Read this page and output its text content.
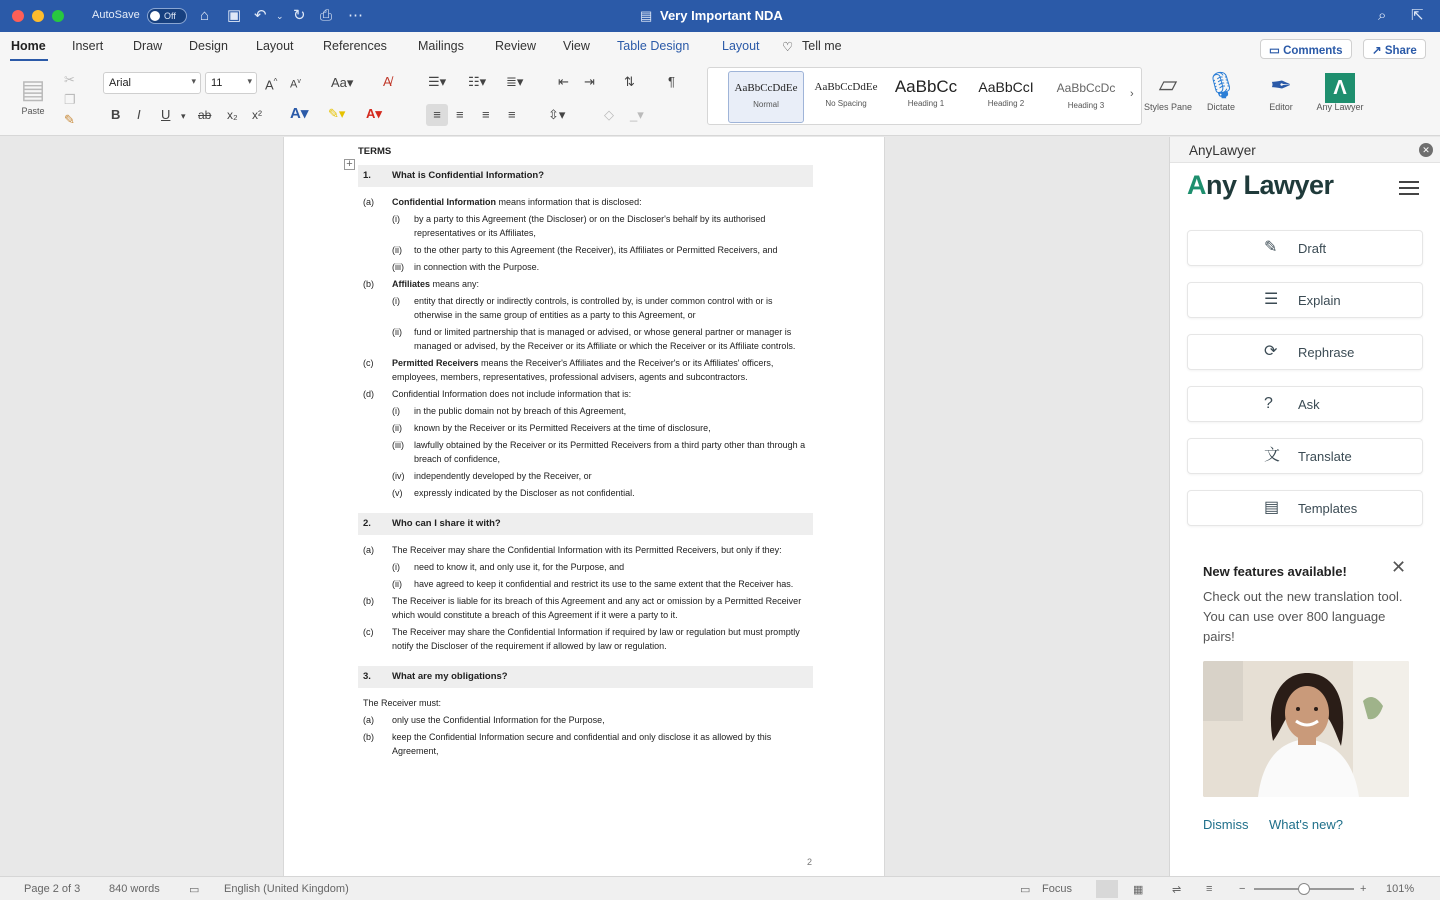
AutoSave	Off ⌂ ▣ ↶ ⌄ ↻ ⎙ ⋯	▤ Very Important NDA	⌕ ⇱
Home Insert Draw Design Layout References Mailings Review View Table Design	Layout ♡ Tell me	▭ Comments	↗ Share
▤
Paste
✂
❐
✎
Arial	▾	11	▾ A^ $A^v$ Aa▾ A̸
B I U ▾ ab x₂ x² A▾ ✎▾ A▾
☰▾ ☷▾ ≣▾	⇤ ⇥ ⇅	¶
≡	≡ ≡ ≡ ⇳▾	◇ _▾
AaBbCcDdEe
Normal
AaBbCcDdEe
No Spacing
AaBbCc
Heading 1
AaBbCcI
Heading 2
AaBbCcDc
Heading 3
›	▱
Styles Pane
🎙
Dictate
✒
Editor
Λ
Any Lawyer
+
TERMS
1. What is Confidential Information?
(a) Confidential Information means information that is disclosed:
(i) by a party to this Agreement (the Discloser) or on the Discloser's behalf by its authorised representatives or its Affiliates,
(ii) to the other party to this Agreement (the Receiver), its Affiliates or Permitted Receivers, and
(iii) in connection with the Purpose.
(b) Affiliates means any:
(i) entity that directly or indirectly controls, is controlled by, is under common control with or is otherwise in the same group of entities as a party to this Agreement, or
(ii) fund or limited partnership that is managed or advised, or whose general partner or manager is managed or advised, by the Receiver or its Affiliate or which the Receiver or its Affiliate controls.
(c) Permitted Receivers means the Receiver's Affiliates and the Receiver's or its Affiliates' officers, employees, members, representatives, professional advisers, agents and subcontractors.
(d) Confidential Information does not include information that is:
(i) in the public domain not by breach of this Agreement,
(ii) known by the Receiver or its Permitted Receivers at the time of disclosure,
(iii) lawfully obtained by the Receiver or its Permitted Receivers from a third party other than through a breach of confidence,
(iv) independently developed by the Receiver, or
(v) expressly indicated by the Discloser as not confidential.
2. Who can I share it with?
(a) The Receiver may share the Confidential Information with its Permitted Receivers, but only if they:
(i) need to know it, and only use it, for the Purpose, and
(ii) have agreed to keep it confidential and restrict its use to the same extent that the Receiver has.
(b) The Receiver is liable for its breach of this Agreement and any act or omission by a Permitted Receiver which would constitute a breach of this Agreement if it were a party to it.
(c) The Receiver may share the Confidential Information if required by law or regulation but must promptly notify the Discloser of the requirement if allowed by law or regulation.
3. What are my obligations?
The Receiver must:
(a) only use the Confidential Information for the Purpose,
(b) keep the Confidential Information secure and confidential and only disclose it as allowed by this Agreement,
2
AnyLawyer	✕
Any Lawyer
✎ Draft
☰ Explain
⟳ Rephrase
? Ask
文 Translate
▤ Templates
New features available! ✕
Check out the new translation tool. You can use over 800 language pairs!
Dismiss What's new?
Page 2 of 3	840 words	▭ English (United Kingdom)	▭ Focus	▦	⇌ ≡ −	+ 101%
